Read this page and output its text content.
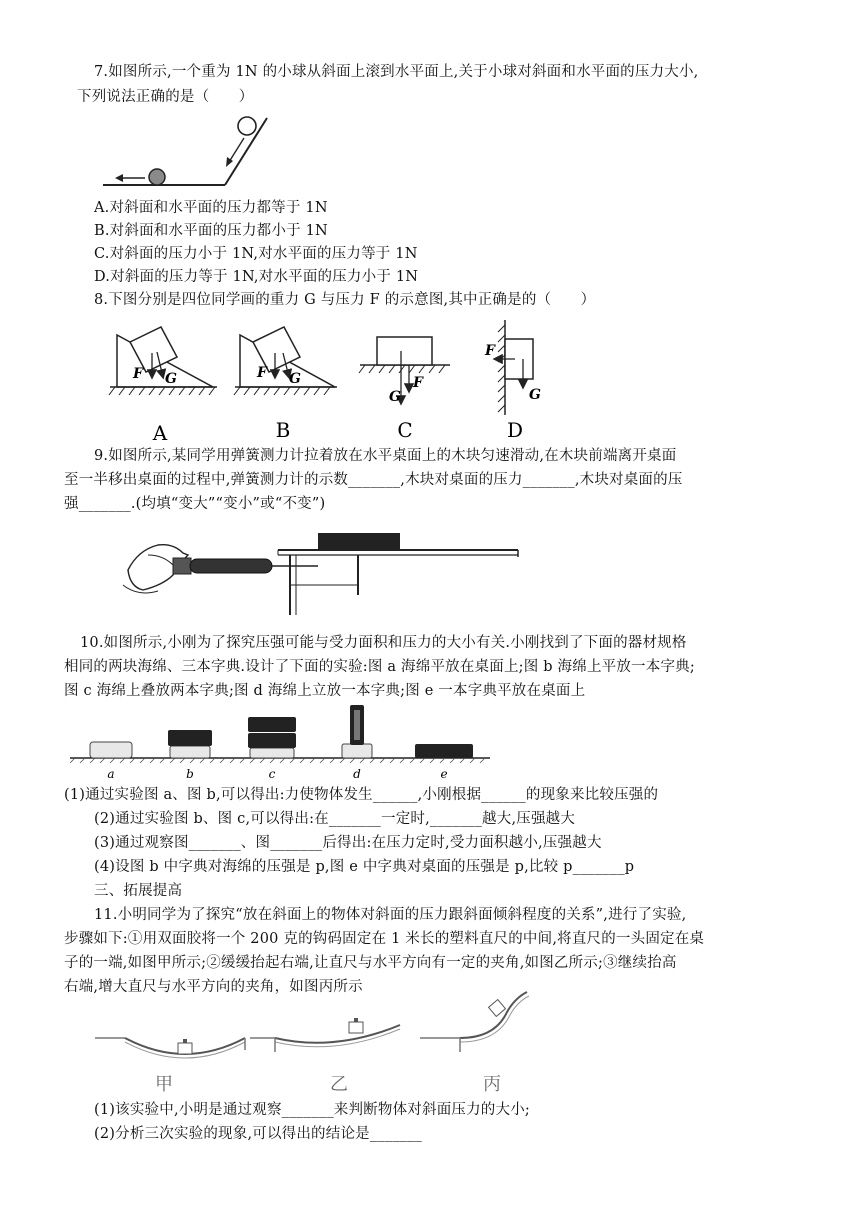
7.如图所示,一个重为 1N 的小球从斜面上滚到水平面上,关于小球对斜面和水平面的压力大小,
下列说法正确的是（　　）
A.对斜面和水平面的压力都等于 1N
B.对斜面和水平面的压力都小于 1N
C.对斜面的压力小于 1N,对水平面的压力等于 1N
D.对斜面的压力等于 1N,对水平面的压力小于 1N
8.下图分别是四位同学画的重力 G 与压力 F 的示意图,其中正确是的（　　）
F G	F G
G
F
F
G
A	B	C	D
9.如图所示,某同学用弹簧测力计拉着放在水平桌面上的木块匀速滑动,在木块前端离开桌面
至一半移出桌面的过程中,弹簧测力计的示数_______,木块对桌面的压力_______,木块对桌面的压
强_______.(均填“变大”“变小”或“不变”)
10.如图所示,小刚为了探究压强可能与受力面积和压力的大小有关.小刚找到了下面的器材规格
相同的两块海绵、三本字典.设计了下面的实验:图 a 海绵平放在桌面上;图 b 海绵上平放一本字典;
图 c 海绵上叠放两本字典;图 d 海绵上立放一本字典;图 e 一本字典平放在桌面上
a	b	c	d	e
(1)通过实验图 a、图 b,可以得出:力使物体发生______,小刚根据______的现象来比较压强的
(2)通过实验图 b、图 c,可以得出:在_______一定时,_______越大,压强越大
(3)通过观察图_______、图_______后得出:在压力定时,受力面积越小,压强越大
(4)设图 b 中字典对海绵的压强是 p,图 e 中字典对桌面的压强是 p,比较 p_______p
三、拓展提高
11.小明同学为了探究“放在斜面上的物体对斜面的压力跟斜面倾斜程度的关系”,进行了实验,
步骤如下:①用双面胶将一个 200 克的钩码固定在 1 米长的塑料直尺的中间,将直尺的一头固定在桌
子的一端,如图甲所示;②缓缓抬起右端,让直尺与水平方向有一定的夹角,如图乙所示;③继续抬高
右端,增大直尺与水平方向的夹角，如图丙所示
甲	乙	丙
(1)该实验中,小明是通过观察_______来判断物体对斜面压力的大小;
(2)分析三次实验的现象,可以得出的结论是_______
